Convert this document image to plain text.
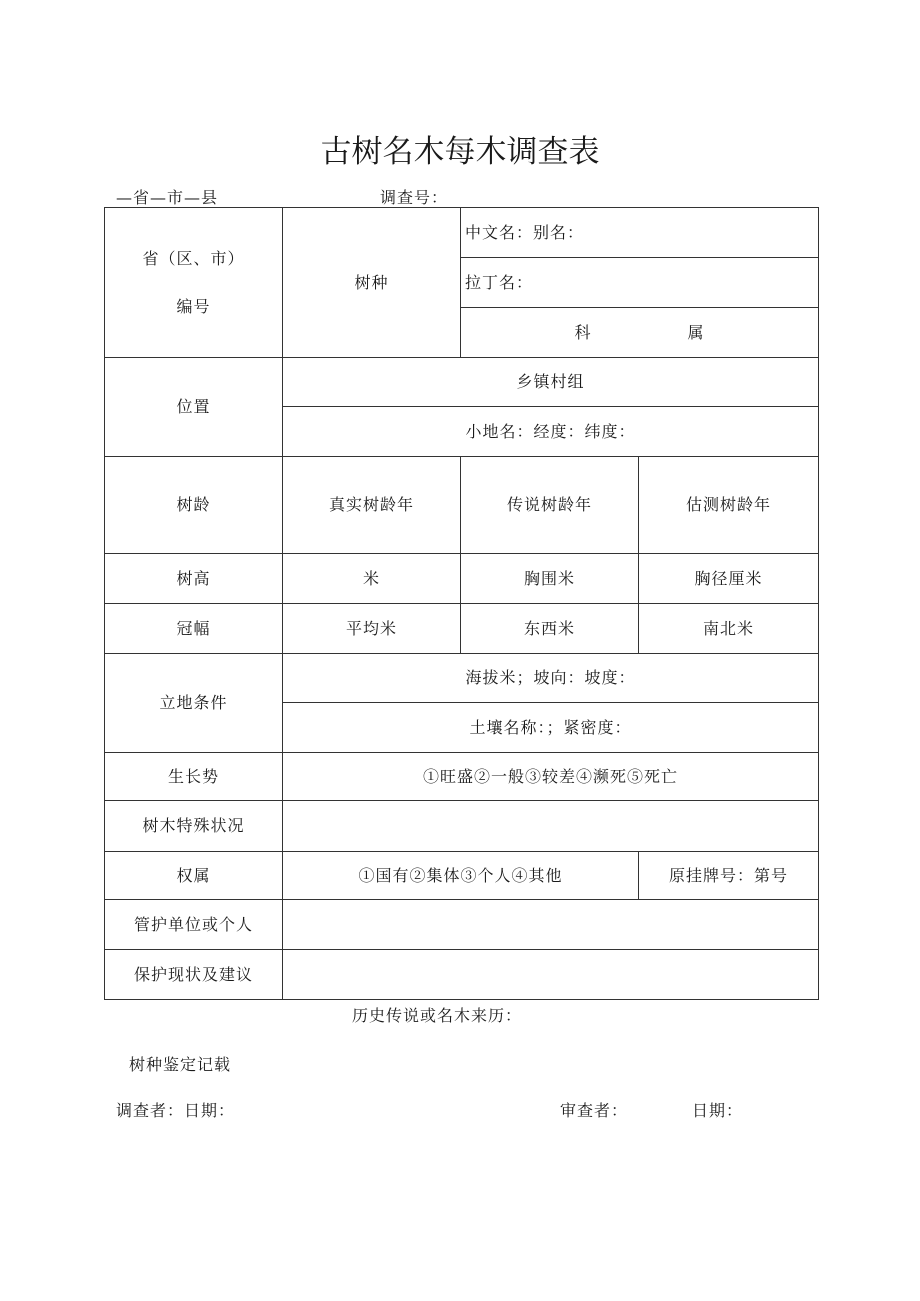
古树名木每木调查表
—省—市—县	调查号：
省（区、市）
编号	树种	中文名：别名：	
		拉丁名：	
		科 属	
位置	乡镇村组		
	小地名：经度：纬度：		
树龄	真实树龄年	传说树龄年	估测树龄年
树高	米	胸围米	胸径厘米
冠幅	平均米	东西米	南北米
立地条件	海拔米；坡向：坡度：		
	土壤名称：；紧密度：		
生长势	①旺盛②一般③较差④濒死⑤死亡		
树木特殊状况			
权属	①国有②集体③个人④其他		原挂牌号：第号
管护单位或个人			
保护现状及建议			
历史传说或名木来历：
树种鉴定记载
调查者：日期：	审查者：	日期：
